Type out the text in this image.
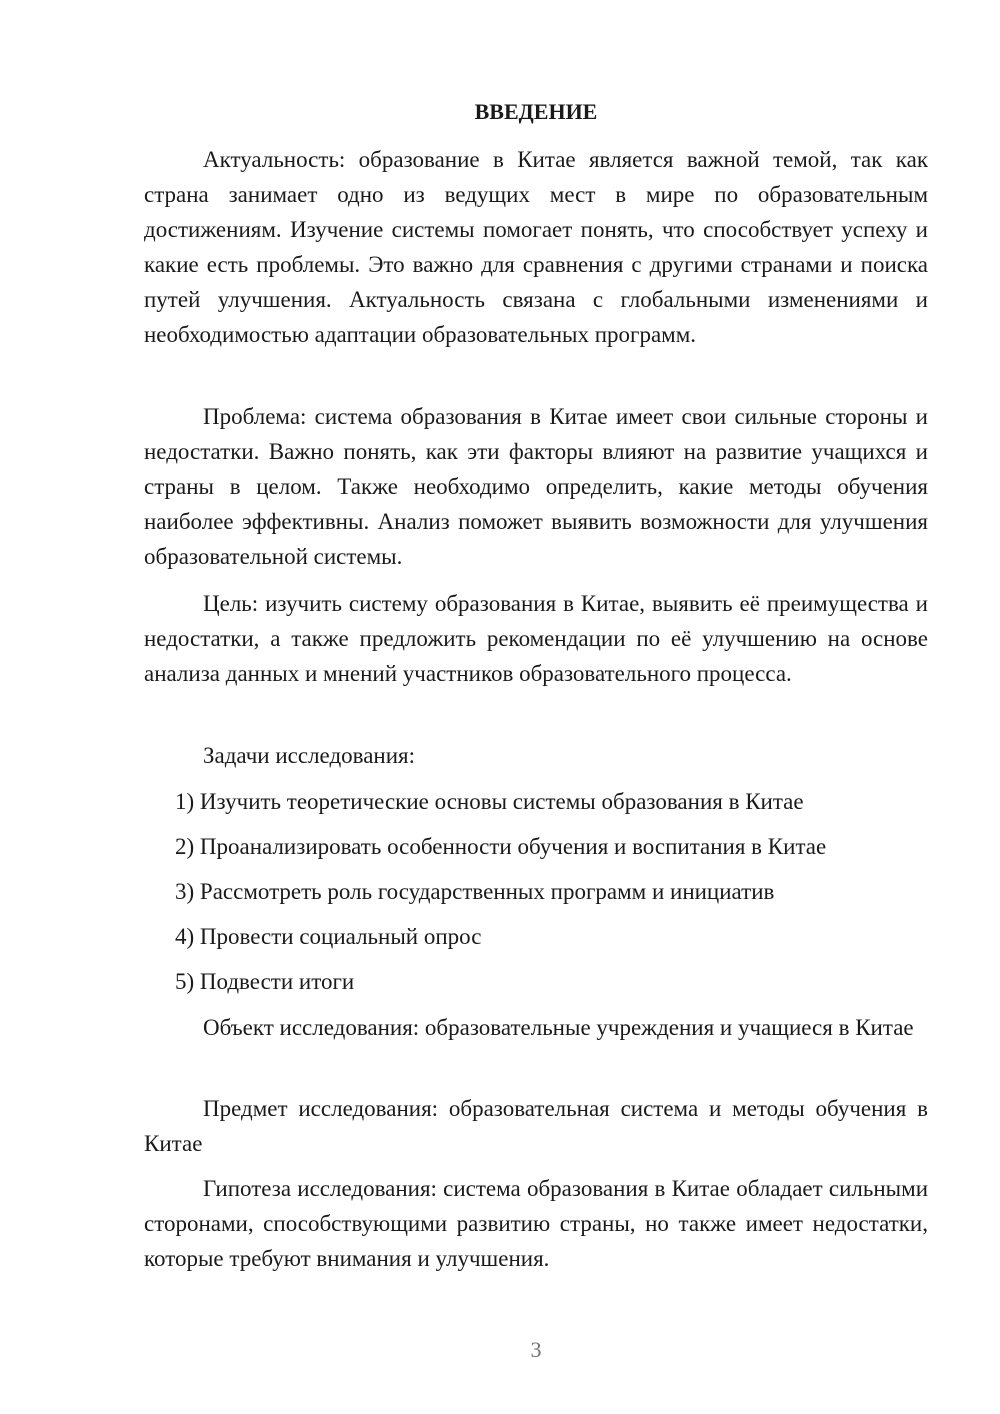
ВВЕДЕНИЕ

Актуальность: образование в Китае является важной темой, так как страна занимает одно из ведущих мест в мире по образовательным достижениям. Изучение системы помогает понять, что способствует успеху и какие есть проблемы. Это важно для сравнения с другими странами и поиска путей улучшения. Актуальность связана с глобальными изменениями и необходимостью адаптации образовательных программ.

Проблема: система образования в Китае имеет свои сильные стороны и недостатки. Важно понять, как эти факторы влияют на развитие учащихся и страны в целом. Также необходимо определить, какие методы обучения наиболее эффективны. Анализ поможет выявить возможности для улучшения образовательной системы.

Цель: изучить систему образования в Китае, выявить её преимущества и недостатки, а также предложить рекомендации по её улучшению на основе анализа данных и мнений участников образовательного процесса.

Задачи исследования:
1) Изучить теоретические основы системы образования в Китае
2) Проанализировать особенности обучения и воспитания в Китае
3) Рассмотреть роль государственных программ и инициатив
4) Провести социальный опрос
5) Подвести итоги

Объект исследования: образовательные учреждения и учащиеся в Китае

Предмет исследования: образовательная система и методы обучения в Китае

Гипотеза исследования: система образования в Китае обладает сильными сторонами, способствующими развитию страны, но также имеет недостатки, которые требуют внимания и улучшения.

3
